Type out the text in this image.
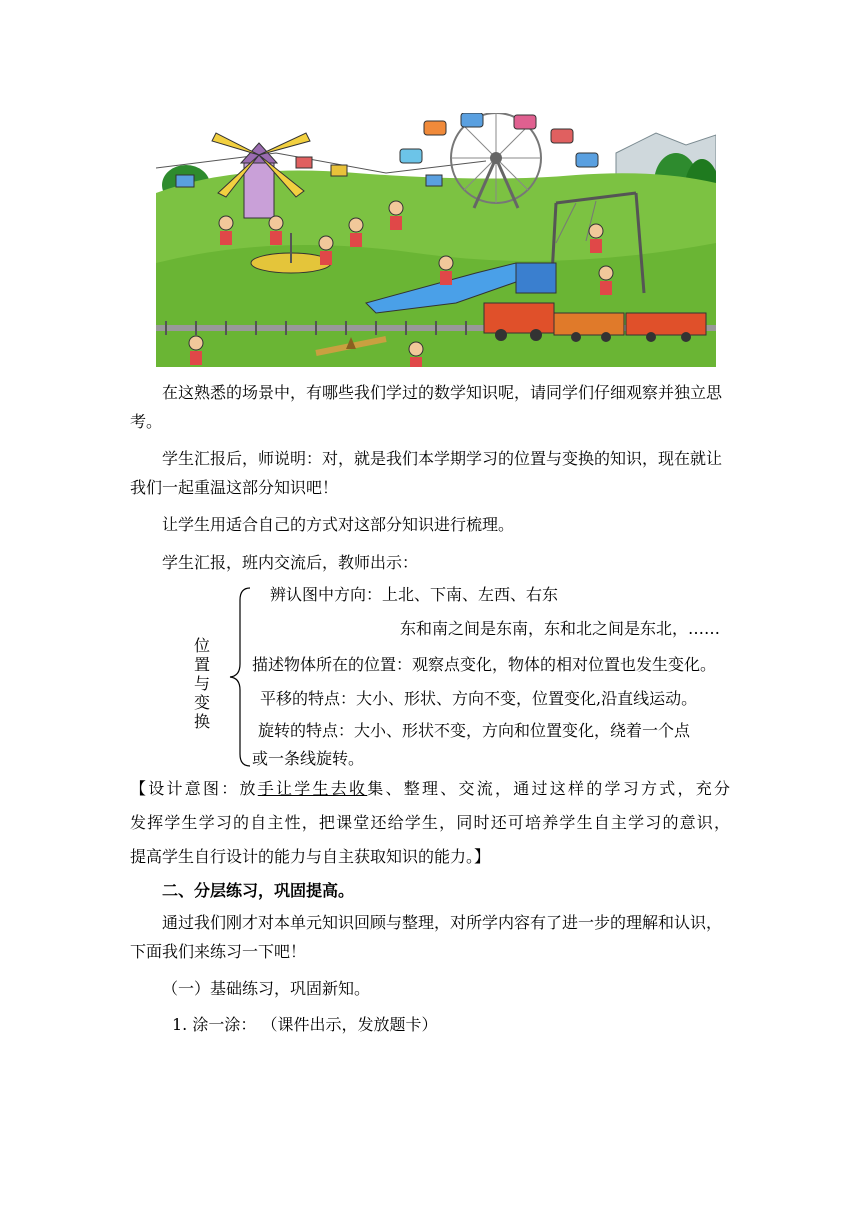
在这熟悉的场景中，有哪些我们学过的数学知识呢，请同学们仔细观察并独立思考。

学生汇报后，师说明：对，就是我们本学期学习的位置与变换的知识，现在就让我们一起重温这部分知识吧！

让学生用适合自己的方式对这部分知识进行梳理。

学生汇报，班内交流后，教师出示：

位
置
与
变
换
辨认图中方向：上北、下南、左西、右东
东和南之间是东南，东和北之间是东北，……
描述物体所在的位置：观察点变化，物体的相对位置也发生变化。
平移的特点：大小、形状、方向不变，位置变化,沿直线运动。
旋转的特点：大小、形状不变，方向和位置变化，绕着一个点
或一条线旋转。
【设计意图：放手让学生去收集、整理、交流，通过这样的学习方式，充分
发挥学生学习的自主性，把课堂还给学生，同时还可培养学生自主学习的意识，
提高学生自行设计的能力与自主获取知识的能力。】
二、分层练习，巩固提高。

通过我们刚才对本单元知识回顾与整理，对所学内容有了进一步的理解和认识，下面我们来练习一下吧！

（一）基础练习，巩固新知。
1. 涂一涂： （课件出示，发放题卡）
